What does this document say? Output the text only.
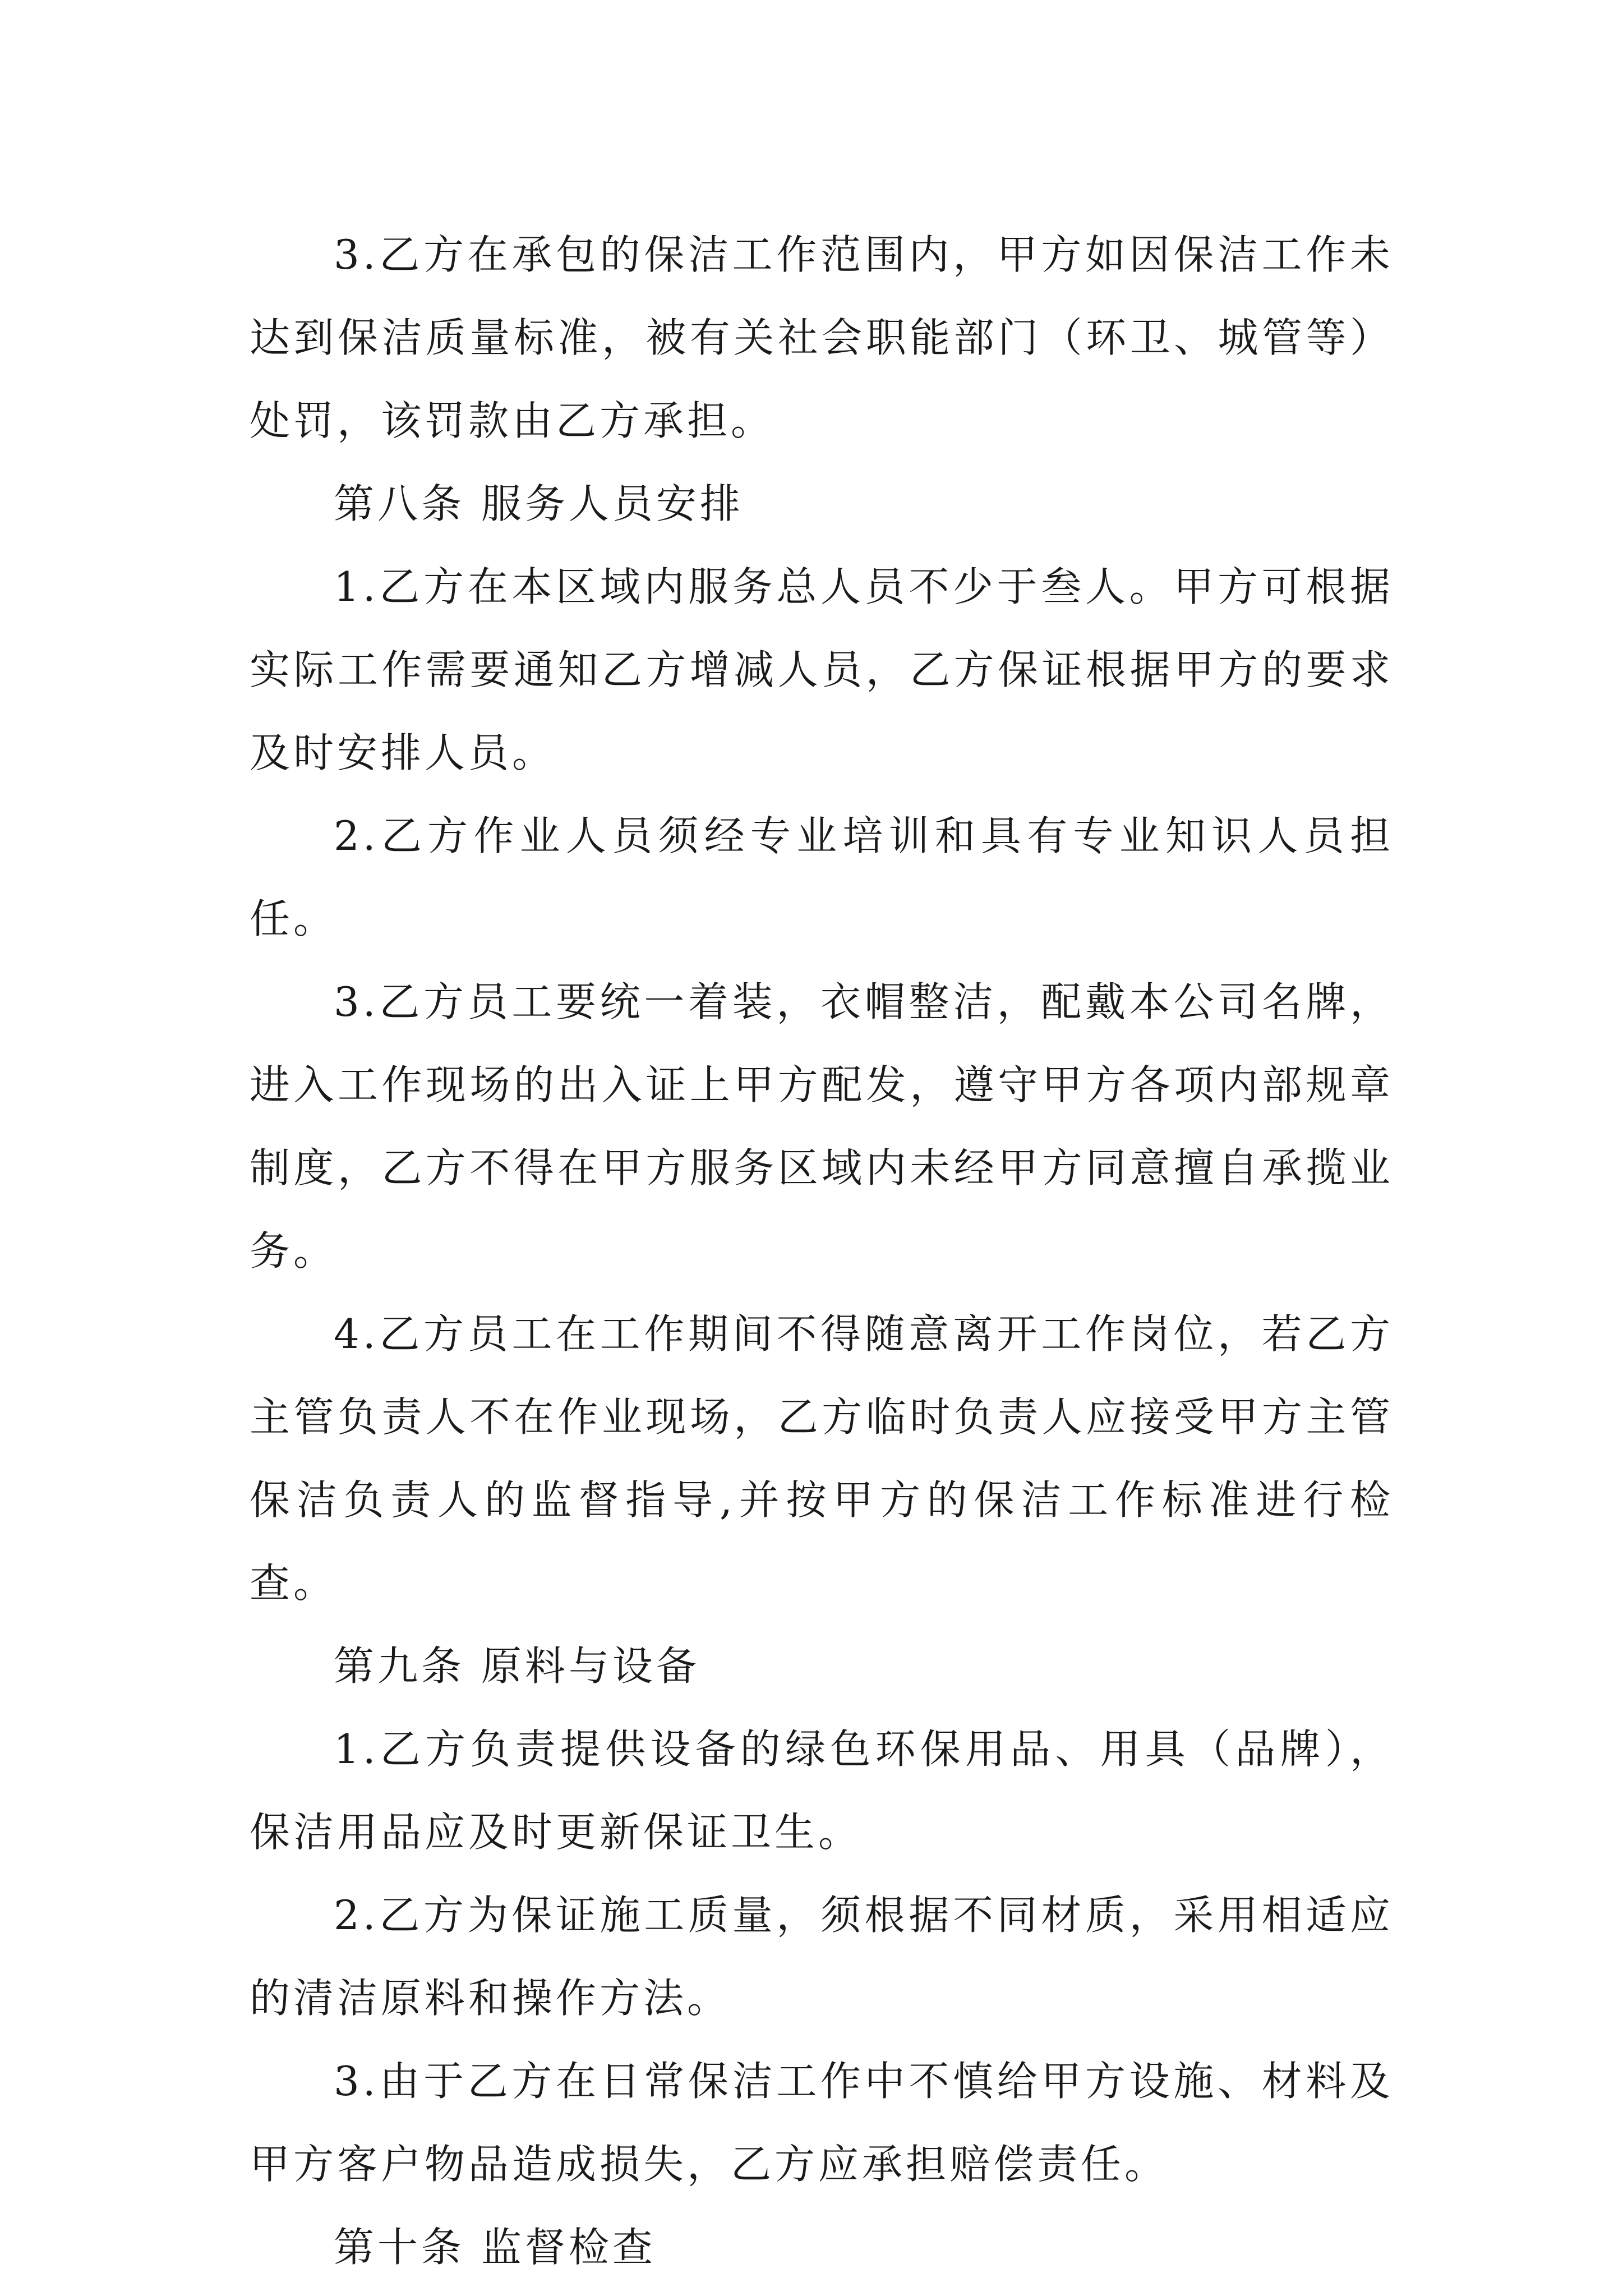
3.乙方在承包的保洁工作范围内，甲方如因保洁工作未达到保洁质量标准，被有关社会职能部门（环卫、城管等）处罚，该罚款由乙方承担。

第八条 服务人员安排

1.乙方在本区域内服务总人员不少于叁人。甲方可根据实际工作需要通知乙方增减人员，乙方保证根据甲方的要求及时安排人员。

2.乙方作业人员须经专业培训和具有专业知识人员担任。

3.乙方员工要统一着装，衣帽整洁，配戴本公司名牌，进入工作现场的出入证上甲方配发，遵守甲方各项内部规章制度，乙方不得在甲方服务区域内未经甲方同意擅自承揽业务。

4.乙方员工在工作期间不得随意离开工作岗位，若乙方主管负责人不在作业现场，乙方临时负责人应接受甲方主管保洁负责人的监督指导,并按甲方的保洁工作标准进行检查。

第九条 原料与设备

1.乙方负责提供设备的绿色环保用品、用具（品牌），保洁用品应及时更新保证卫生。

2.乙方为保证施工质量，须根据不同材质，采用相适应的清洁原料和操作方法。

3.由于乙方在日常保洁工作中不慎给甲方设施、材料及甲方客户物品造成损失，乙方应承担赔偿责任。

第十条 监督检查
